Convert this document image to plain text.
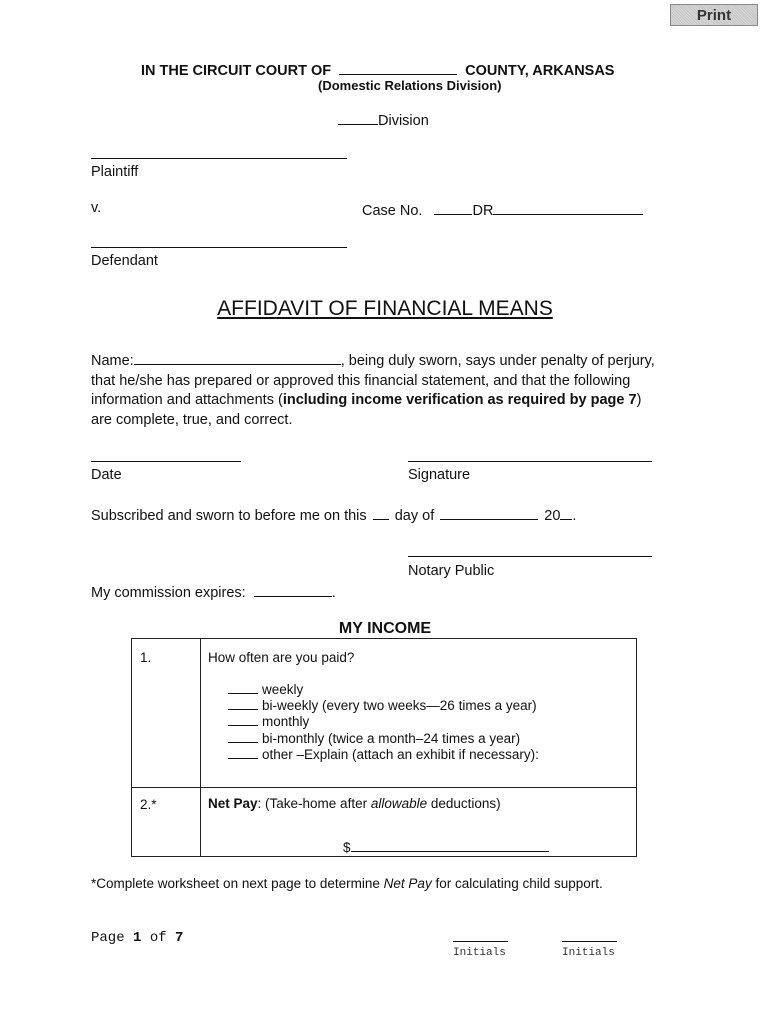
Print
IN THE CIRCUIT COURT OF	COUNTY, ARKANSAS
(Domestic Relations Division)
Division
Plaintiff
v.	Case No.	DR
Defendant
AFFIDAVIT OF FINANCIAL MEANS
Name:	, being duly sworn, says under penalty of perjury,
that he/she has prepared or approved this financial statement, and that the following
information and attachments (including income verification as required by page 7)
are complete, true, and correct.
Date	Signature
Subscribed and sworn to before me on this day of	20 .
Notary Public
My commission expires:	.
MY INCOME
1.	How often are you paid?
weekly
bi-weekly (every two weeks—26 times a year)
monthly
bi-monthly (twice a month–24 times a year)
other –Explain (attach an exhibit if necessary):
2.*	Net Pay: (Take-home after allowable deductions)
$
*Complete worksheet on next page to determine Net Pay for calculating child support.
Page 1 of 7
Initials	Initials
